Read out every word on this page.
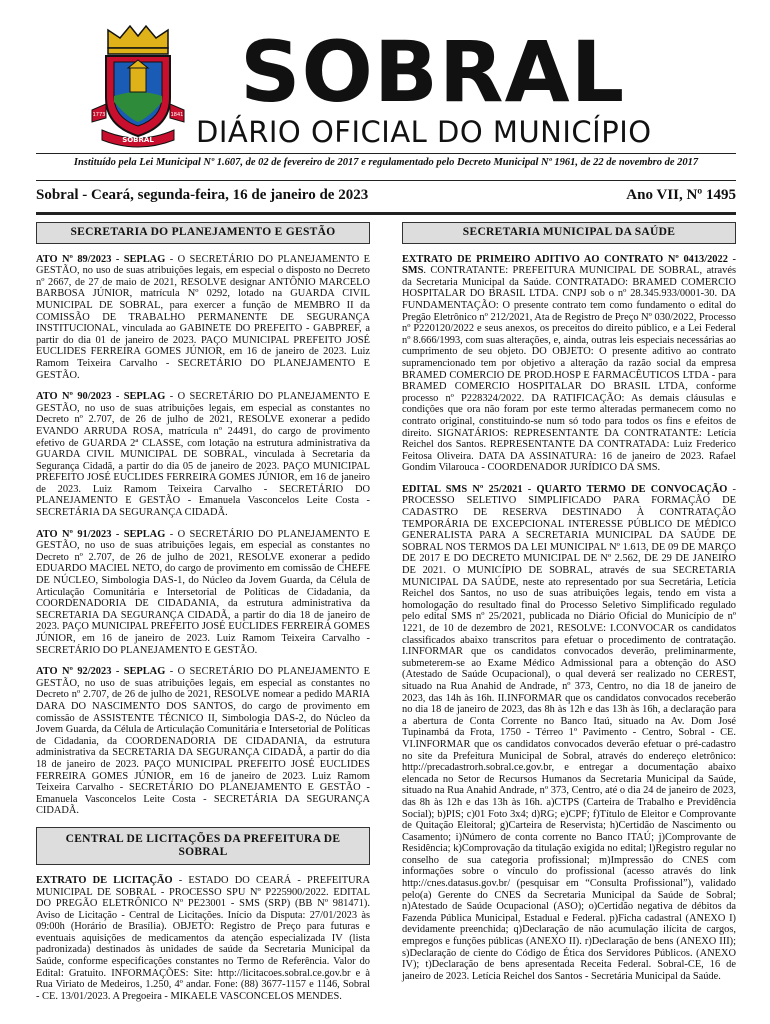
1773	1841
SOBRAL
SOBRAL
DIÁRIO OFICIAL DO MUNICÍPIO
Instituído pela Lei Municipal Nº 1.607, de 02 de fevereiro de 2017 e regulamentado pelo Decreto Municipal Nº 1961, de 22 de novembro de 2017
Sobral - Ceará, segunda-feira, 16 de janeiro de 2023	Ano VII, Nº 1495
SECRETARIA DO PLANEJAMENTO E GESTÃO

ATO Nº 89/2023 - SEPLAG - O SECRETÁRIO DO PLANEJAMENTO E GESTÃO, no uso de suas atribuições legais, em especial o disposto no Decreto nº 2667, de 27 de maio de 2021, RESOLVE designar ANTÔNIO MARCELO BARBOSA JÚNIOR, matrícula Nº 0292, lotado na GUARDA CIVIL MUNICIPAL DE SOBRAL, para exercer a função de MEMBRO II da COMISSÃO DE TRABALHO PERMANENTE DE SEGURANÇA INSTITUCIONAL, vinculada ao GABINETE DO PREFEITO - GABPREF, a partir do dia 01 de janeiro de 2023. PAÇO MUNICIPAL PREFEITO JOSÉ EUCLIDES FERREIRA GOMES JÚNIOR, em 16 de janeiro de 2023. Luiz Ramom Teixeira Carvalho - SECRETÁRIO DO PLANEJAMENTO E GESTÃO.

ATO Nº 90/2023 - SEPLAG - O SECRETÁRIO DO PLANEJAMENTO E GESTÃO, no uso de suas atribuições legais, em especial as constantes no Decreto nº 2.707, de 26 de julho de 2021, RESOLVE exonerar a pedido EVANDO ARRUDA ROSA, matrícula nº 24491, do cargo de provimento efetivo de GUARDA 2ª CLASSE, com lotação na estrutura administrativa da GUARDA CIVIL MUNICIPAL DE SOBRAL, vinculada à Secretaria da Segurança Cidadã, a partir do dia 05 de janeiro de 2023. PAÇO MUNICIPAL PREFEITO JOSÉ EUCLIDES FERREIRA GOMES JÚNIOR, em 16 de janeiro de 2023. Luiz Ramom Teixeira Carvalho - SECRETÁRIO DO PLANEJAMENTO E GESTÃO - Emanuela Vasconcelos Leite Costa - SECRETÁRIA DA SEGURANÇA CIDADÃ.

ATO Nº 91/2023 - SEPLAG - O SECRETÁRIO DO PLANEJAMENTO E GESTÃO, no uso de suas atribuições legais, em especial as constantes no Decreto nº 2.707, de 26 de julho de 2021, RESOLVE exonerar a pedido EDUARDO MACIEL NETO, do cargo de provimento em comissão de CHEFE DE NÚCLEO, Simbologia DAS-1, do Núcleo da Jovem Guarda, da Célula de Articulação Comunitária e Intersetorial de Políticas de Cidadania, da COORDENADORIA DE CIDADANIA, da estrutura administrativa da SECRETARIA DA SEGURANÇA CIDADÃ, a partir do dia 18 de janeiro de 2023. PAÇO MUNICIPAL PREFEITO JOSÉ EUCLIDES FERREIRA GOMES JÚNIOR, em 16 de janeiro de 2023. Luiz Ramom Teixeira Carvalho - SECRETÁRIO DO PLANEJAMENTO E GESTÃO.

ATO Nº 92/2023 - SEPLAG - O SECRETÁRIO DO PLANEJAMENTO E GESTÃO, no uso de suas atribuições legais, em especial as constantes no Decreto nº 2.707, de 26 de julho de 2021, RESOLVE nomear a pedido MARIA DARA DO NASCIMENTO DOS SANTOS, do cargo de provimento em comissão de ASSISTENTE TÉCNICO II, Simbologia DAS-2, do Núcleo da Jovem Guarda, da Célula de Articulação Comunitária e Intersetorial de Políticas de Cidadania, da COORDENADORIA DE CIDADANIA, da estrutura administrativa da SECRETARIA DA SEGURANÇA CIDADÃ, a partir do dia 18 de janeiro de 2023. PAÇO MUNICIPAL PREFEITO JOSÉ EUCLIDES FERREIRA GOMES JÚNIOR, em 16 de janeiro de 2023. Luiz Ramom Teixeira Carvalho - SECRETÁRIO DO PLANEJAMENTO E GESTÃO - Emanuela Vasconcelos Leite Costa - SECRETÁRIA DA SEGURANÇA CIDADÃ.

CENTRAL DE LICITAÇÕES DA PREFEITURA DE SOBRAL

EXTRATO DE LICITAÇÃO - ESTADO DO CEARÁ - PREFEITURA MUNICIPAL DE SOBRAL - PROCESSO SPU Nº P225900/2022. EDITAL DO PREGÃO ELETRÔNICO Nº PE23001 - SMS (SRP) (BB Nº 981471). Aviso de Licitação - Central de Licitações. Início da Disputa: 27/01/2023 às 09:00h (Horário de Brasília). OBJETO: Registro de Preço para futuras e eventuais aquisições de medicamentos da atenção especializada IV (lista padronizada) destinados às unidades de saúde da Secretaria Municipal da Saúde, conforme especificações constantes no Termo de Referência. Valor do Edital: Gratuito. INFORMAÇÕES: Site: http://licitacoes.sobral.ce.gov.br e à Rua Viriato de Medeiros, 1.250, 4º andar. Fone: (88) 3677-1157 e 1146, Sobral - CE. 13/01/2023. A Pregoeira - MIKAELE VASCONCELOS MENDES.

SECRETARIA MUNICIPAL DA SAÚDE

EXTRATO DE PRIMEIRO ADITIVO AO CONTRATO Nº 0413/2022 - SMS. CONTRATANTE: PREFEITURA MUNICIPAL DE SOBRAL, através da Secretaria Municipal da Saúde. CONTRATADO: BRAMED COMERCIO HOSPITALAR DO BRASIL LTDA. CNPJ sob o nº 28.345.933/0001-30. DA FUNDAMENTAÇÃO: O presente contrato tem como fundamento o edital do Pregão Eletrônico nº 212/2021, Ata de Registro de Preço Nº 030/2022, Processo nº P220120/2022 e seus anexos, os preceitos do direito público, e a Lei Federal nº 8.666/1993, com suas alterações, e, ainda, outras leis especiais necessárias ao cumprimento de seu objeto. DO OBJETO: O presente aditivo ao contrato supramencionado tem por objetivo a alteração da razão social da empresa BRAMED COMERCIO DE PROD.HOSP E FARMACÊUTICOS LTDA - para BRAMED COMERCIO HOSPITALAR DO BRASIL LTDA, conforme processo nº P228324/2022. DA RATIFICAÇÃO: As demais cláusulas e condições que ora não foram por este termo alteradas permanecem como no contrato original, constituindo-se num só todo para todos os fins e efeitos de direito. SIGNATÁRIOS: REPRESENTANTE DA CONTRATANTE: Letícia Reichel dos Santos. REPRESENTANTE DA CONTRATADA: Luiz Frederico Feitosa Oliveira. DATA DA ASSINATURA: 16 de janeiro de 2023. Rafael Gondim Vilarouca - COORDENADOR JURÍDICO DA SMS.

EDITAL SMS Nº 25/2021 - QUARTO TERMO DE CONVOCAÇÃO - PROCESSO SELETIVO SIMPLIFICADO PARA FORMAÇÃO DE CADASTRO DE RESERVA DESTINADO À CONTRATAÇÃO TEMPORÁRIA DE EXCEPCIONAL INTERESSE PÚBLICO DE MÉDICO GENERALISTA PARA A SECRETARIA MUNICIPAL DA SAÚDE DE SOBRAL NOS TERMOS DA LEI MUNICIPAL Nº 1.613, DE 09 DE MARÇO DE 2017 E DO DECRETO MUNICIPAL DE Nº 2.562, DE 29 DE JANEIRO DE 2021. O MUNICÍPIO DE SOBRAL, através de sua SECRETARIA MUNICIPAL DA SAÚDE, neste ato representado por sua Secretária, Letícia Reichel dos Santos, no uso de suas atribuições legais, tendo em vista a homologação do resultado final do Processo Seletivo Simplificado regulado pelo edital SMS nº 25/2021, publicada no Diário Oficial do Município de nº 1221, de 10 de dezembro de 2021, RESOLVE: I.CONVOCAR os candidatos classificados abaixo transcritos para efetuar o procedimento de contratação. I.INFORMAR que os candidatos convocados deverão, preliminarmente, submeterem-se ao Exame Médico Admissional para a obtenção do ASO (Atestado de Saúde Ocupacional), o qual deverá ser realizado no CEREST, situado na Rua Anahid de Andrade, nº 373, Centro, no dia 18 de janeiro de 2023, das 14h às 16h. II.INFORMAR que os candidatos convocados receberão no dia 18 de janeiro de 2023, das 8h às 12h e das 13h às 16h, a declaração para a abertura de Conta Corrente no Banco Itaú, situado na Av. Dom José Tupinambá da Frota, 1750 - Térreo 1º Pavimento - Centro, Sobral - CE. VI.INFORMAR que os candidatos convocados deverão efetuar o pré-cadastro no site da Prefeitura Municipal de Sobral, através do endereço eletrônico: http://precadastrorh.sobral.ce.gov.br, e entregar a documentação abaixo elencada no Setor de Recursos Humanos da Secretaria Municipal da Saúde, situado na Rua Anahid Andrade, nº 373, Centro, até o dia 24 de janeiro de 2023, das 8h às 12h e das 13h às 16h. a)CTPS (Carteira de Trabalho e Previdência Social); b)PIS; c)01 Foto 3x4; d)RG; e)CPF; f)Título de Eleitor e Comprovante de Quitação Eleitoral; g)Carteira de Reservista; h)Certidão de Nascimento ou Casamento; i)Número de conta corrente no Banco ITAÚ; j)Comprovante de Residência; k)Comprovação da titulação exigida no edital; l)Registro regular no conselho de sua categoria profissional; m)Impressão do CNES com informações sobre o vínculo do profissional (acesso através do link http://cnes.datasus.gov.br/ (pesquisar em “Consulta Profissional”), validado pelo(a) Gerente do CNES da Secretaria Municipal da Saúde de Sobral; n)Atestado de Saúde Ocupacional (ASO); o)Certidão negativa de débitos da Fazenda Pública Municipal, Estadual e Federal. p)Ficha cadastral (ANEXO I) devidamente preenchida; q)Declaração de não acumulação ilícita de cargos, empregos e funções públicas (ANEXO II). r)Declaração de bens (ANEXO III); s)Declaração de ciente do Código de Ética dos Servidores Públicos. (ANEXO IV); t)Declaração de bens apresentada Receita Federal. Sobral-CE, 16 de janeiro de 2023. Letícia Reichel dos Santos - Secretária Municipal da Saúde.
